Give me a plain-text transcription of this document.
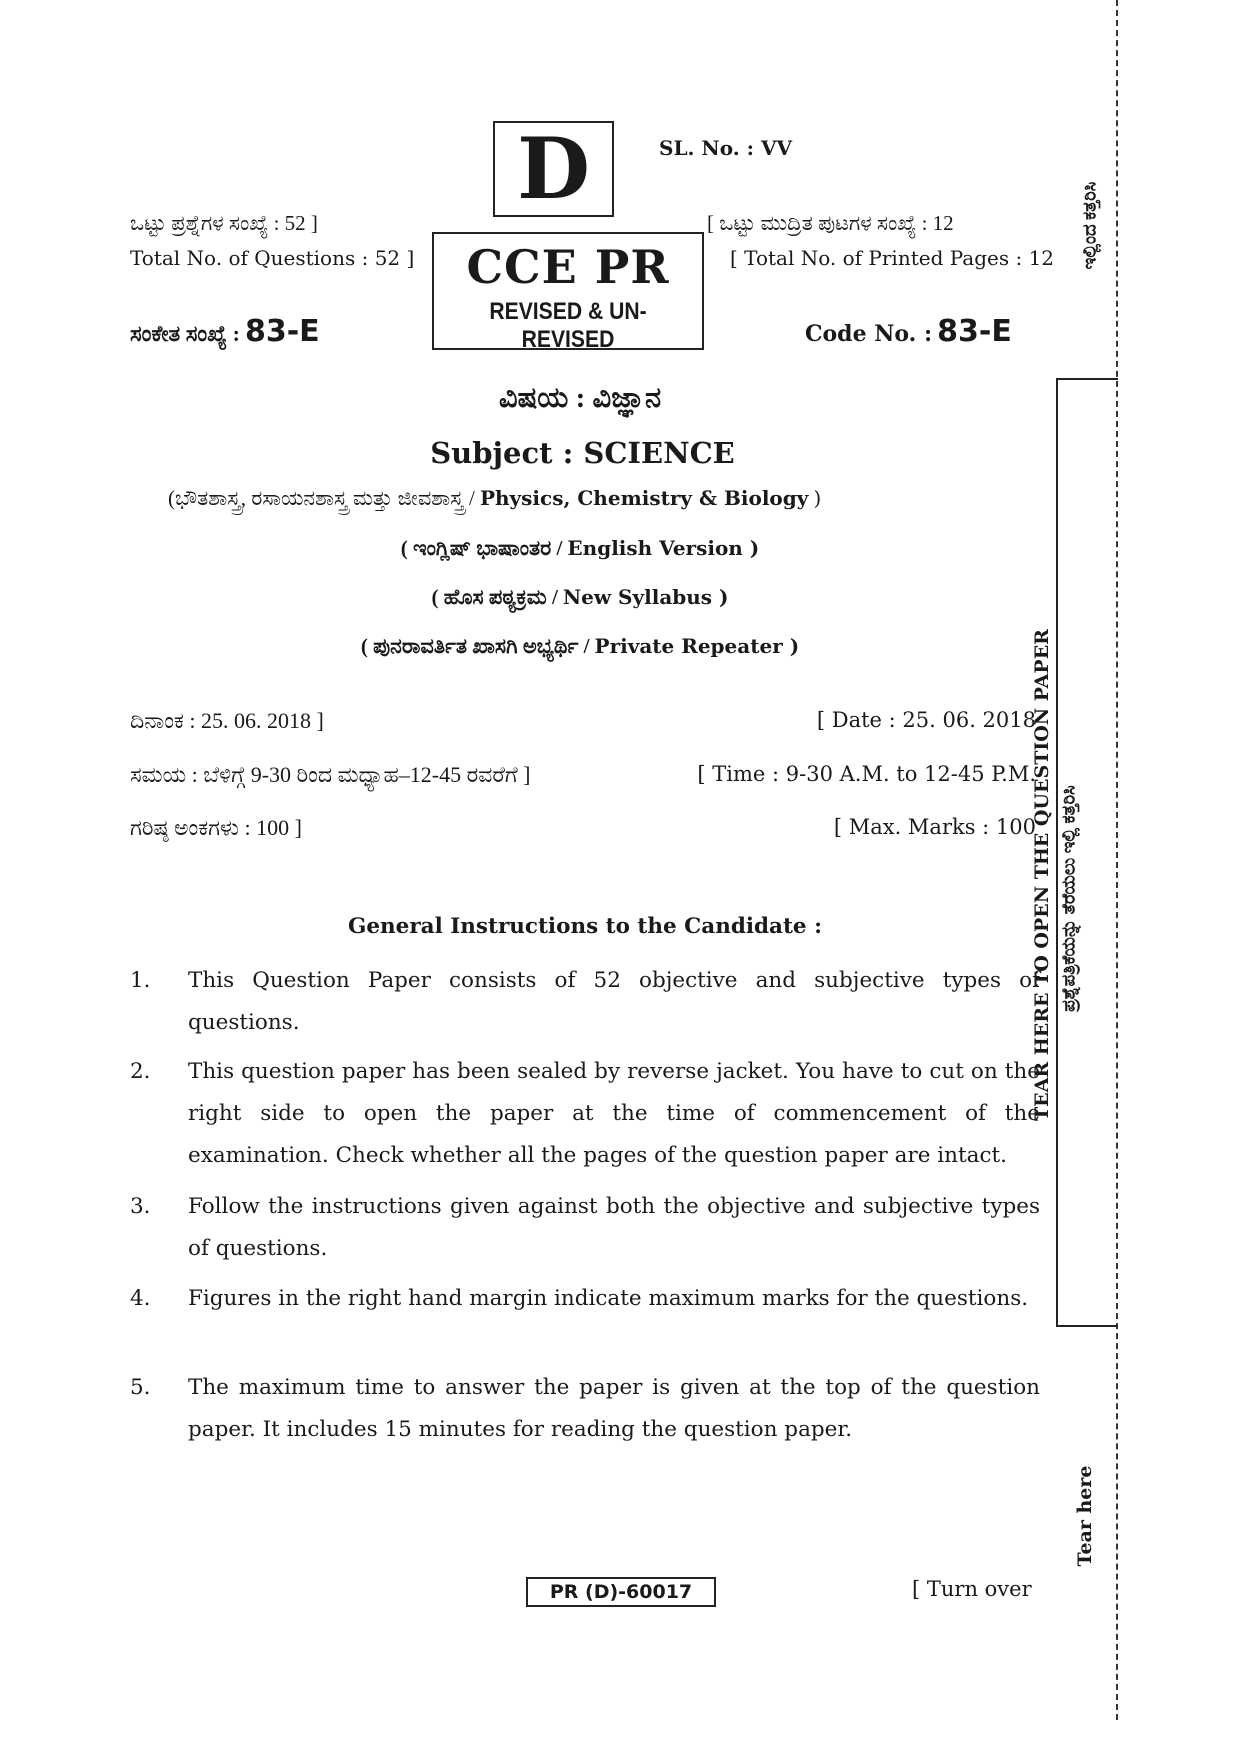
D	SL. No. : VV
ಒಟ್ಟು ಪ್ರಶ್ನೆಗಳ ಸಂಖ್ಯೆ : 52 ]
Total No. of Questions : 52 ]	CCE PR
REVISED & UN-REVISED
[ ಒಟ್ಟು ಮುದ್ರಿತ ಪುಟಗಳ ಸಂಖ್ಯೆ : 12
[ Total No. of Printed Pages : 12
ಸಂಕೇತ ಸಂಖ್ಯೆ : 83-E	Code No. : 83-E
ವಿಷಯ : ವಿಜ್ಞಾನ
Subject : SCIENCE
(ಭೌತಶಾಸ್ತ್ರ, ರಸಾಯನಶಾಸ್ತ್ರ ಮತ್ತು ಜೀವಶಾಸ್ತ್ರ / Physics, Chemistry & Biology )
( ಇಂಗ್ಲಿಷ್ ಭಾಷಾಂತರ / English Version )
( ಹೊಸ ಪಠ್ಯಕ್ರಮ / New Syllabus )
( ಪುನರಾವರ್ತಿತ ಖಾಸಗಿ ಅಭ್ಯರ್ಥಿ / Private Repeater )
ದಿನಾಂಕ : 25. 06. 2018 ]	[ Date : 25. 06. 2018
ಸಮಯ : ಬೆಳಿಗ್ಗೆ 9-30 ರಿಂದ ಮಧ್ಯಾಹ–12-45 ರವರೆಗೆ ]	[ Time : 9-30 A.M. to 12-45 P.M.
ಗರಿಷ್ಠ ಅಂಕಗಳು : 100 ]	[ Max. Marks : 100
General Instructions to the Candidate :
1. This Question Paper consists of 52 objective and subjective types of questions.
2. This question paper has been sealed by reverse jacket. You have to cut on the right side to open the paper at the time of commencement of the examination. Check whether all the pages of the question paper are intact.
3. Follow the instructions given against both the objective and subjective types of questions.
4. Figures in the right hand margin indicate maximum marks for the questions.
5. The maximum time to answer the paper is given at the top of the question paper. It includes 15 minutes for reading the question paper.
PR (D)-60017	[ Turn over
ಇಲ್ಲಿಂದ ಕತ್ತರಿಸಿ
TEAR HERE TO OPEN THE QUESTION PAPER ಪ್ರಶ್ನೆಪತ್ರಿಕೆಯನ್ನು ತೆರೆಯಲು ಇಲ್ಲಿ ಕತ್ತರಿಸಿ
Tear here
